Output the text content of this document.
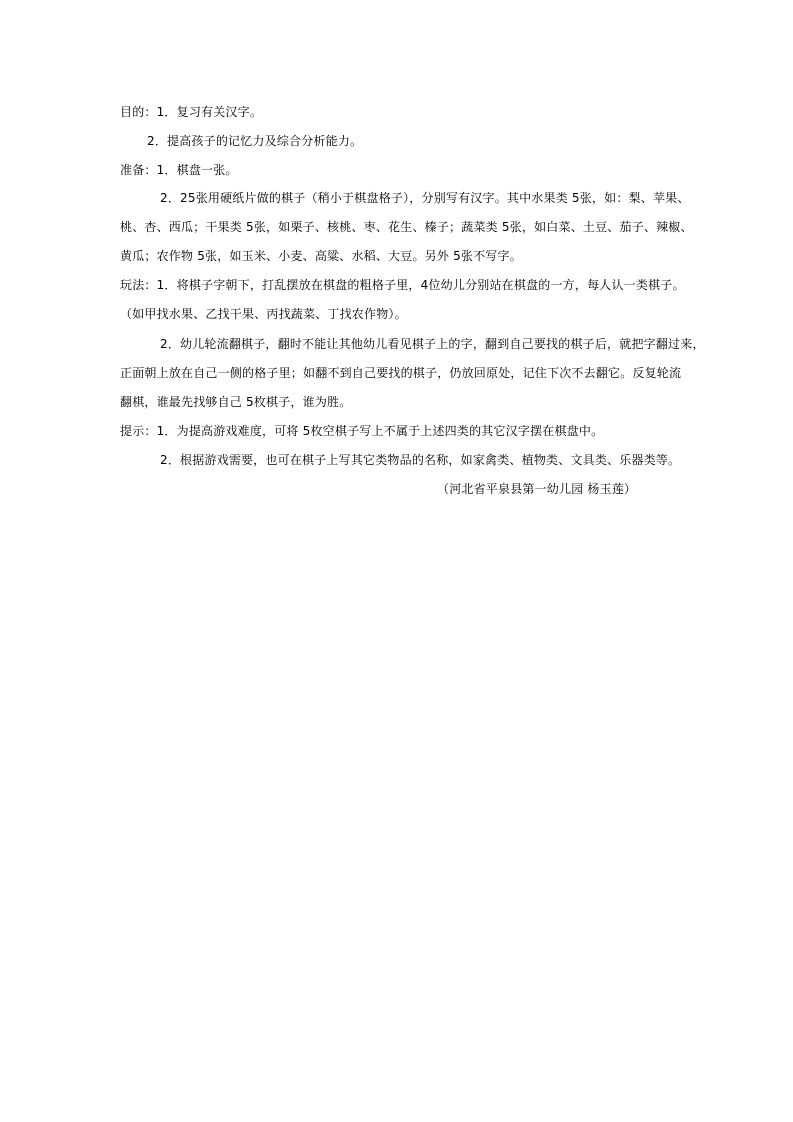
目的：1．复习有关汉字。
2．提高孩子的记忆力及综合分析能力。
准备：1．棋盘一张。
2．25张用硬纸片做的棋子（稍小于棋盘格子），分别写有汉字。其中水果类 5张，如：梨、苹果、
桃、杏、西瓜；干果类 5张，如栗子、核桃、枣、花生、榛子；蔬菜类 5张，如白菜、土豆、茄子、辣椒、
黄瓜；农作物 5张，如玉米、小麦、高粱、水稻、大豆。另外 5张不写字。
玩法：1．将棋子字朝下，打乱摆放在棋盘的粗格子里，4位幼儿分别站在棋盘的一方，每人认一类棋子。
（如甲找水果、乙找干果、丙找蔬菜、丁找农作物）。
2．幼儿轮流翻棋子，翻时不能让其他幼儿看见棋子上的字，翻到自己要找的棋子后，就把字翻过来，
正面朝上放在自己一侧的格子里；如翻不到自己要找的棋子，仍放回原处，记住下次不去翻它。反复轮流
翻棋，谁最先找够自己 5枚棋子，谁为胜。
提示：1．为提高游戏难度，可将 5枚空棋子写上不属于上述四类的其它汉字摆在棋盘中。
2．根据游戏需要，也可在棋子上写其它类物品的名称，如家禽类、植物类、文具类、乐器类等。
（河北省平泉县第一幼儿园 杨玉莲）
